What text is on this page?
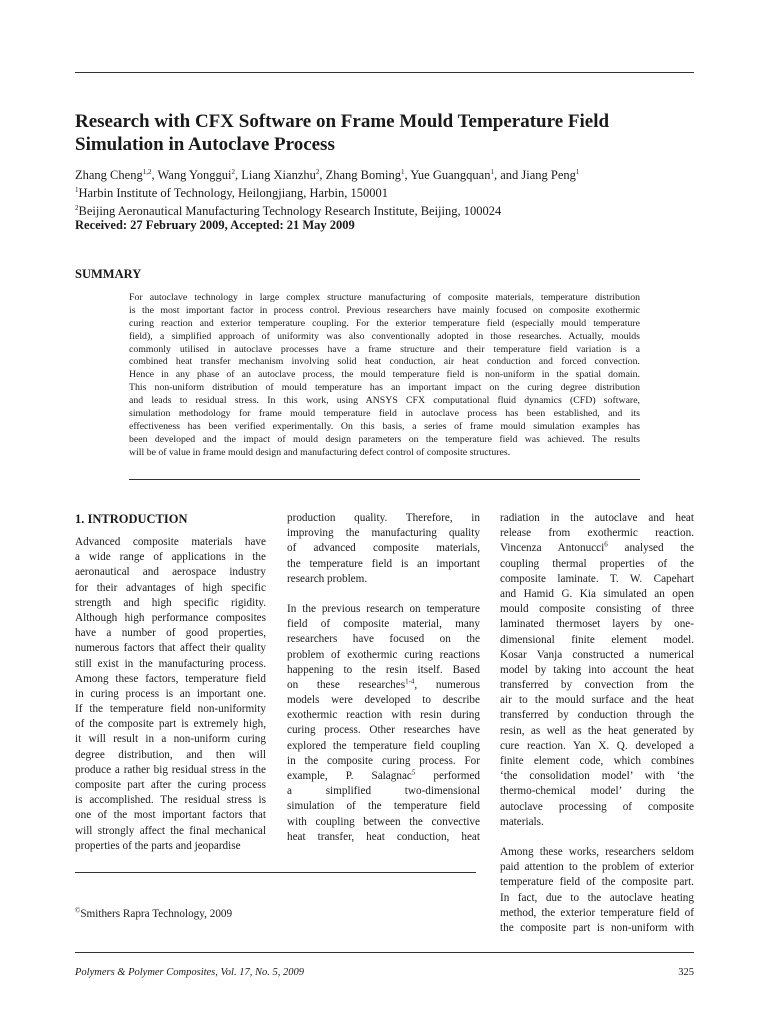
Research with CFX Software on Frame Mould Temperature Field
Simulation in Autoclave Process
Zhang Cheng$^{1,2}$, Wang Yonggui$^2$, Liang Xianzhu$^2$, Zhang Boming$^1$, Yue Guangquan$^1$, and Jiang Peng$^1$
$^1$Harbin Institute of Technology, Heilongjiang, Harbin, 150001
$^2$Beijing Aeronautical Manufacturing Technology Research Institute, Beijing, 100024
Received: 27 February 2009, Accepted: 21 May 2009
SUMMARY
For autoclave technology in large complex structure manufacturing of composite materials, temperature distribution
is the most important factor in process control. Previous researchers have mainly focused on composite exothermic
curing reaction and exterior temperature coupling. For the exterior temperature field (especially mould temperature
field), a simplified approach of uniformity was also conventionally adopted in those researches. Actually, moulds
commonly utilised in autoclave processes have a frame structure and their temperature field variation is a
combined heat transfer mechanism involving solid heat conduction, air heat conduction and forced convection.
Hence in any phase of an autoclave process, the mould temperature field is non-uniform in the spatial domain.
This non-uniform distribution of mould temperature has an important impact on the curing degree distribution
and leads to residual stress. In this work, using ANSYS CFX computational fluid dynamics (CFD) software,
simulation methodology for frame mould temperature field in autoclave process has been established, and its
effectiveness has been verified experimentally. On this basis, a series of frame mould simulation examples has
been developed and the impact of mould design parameters on the temperature field was achieved. The results
will be of value in frame mould design and manufacturing defect control of composite structures.
1. INTRODUCTION
Advanced composite materials have
a wide range of applications in the
aeronautical and aerospace industry
for their advantages of high specific
strength and high specific rigidity.
Although high performance composites
have a number of good properties,
numerous factors that affect their quality
still exist in the manufacturing process.
Among these factors, temperature field
in curing process is an important one.
If the temperature field non-uniformity
of the composite part is extremely high,
it will result in a non-uniform curing
degree distribution, and then will
produce a rather big residual stress in the
composite part after the curing process
is accomplished. The residual stress is
one of the most important factors that
will strongly affect the final mechanical
properties of the parts and jeopardise
production quality. Therefore, in
improving the manufacturing quality
of advanced composite materials,
the temperature field is an important
research problem.
In the previous research on temperature
field of composite material, many
researchers have focused on the
problem of exothermic curing reactions
happening to the resin itself. Based
on these researches$^{1-4}$, numerous
models were developed to describe
exothermic reaction with resin during
curing process. Other researches have
explored the temperature field coupling
in the composite curing process. For
example, P. Salagnac$^5$ performed
a simplified two-dimensional
simulation of the temperature field
with coupling between the convective
heat transfer, heat conduction, heat
radiation in the autoclave and heat
release from exothermic reaction.
Vincenza Antonucci$^6$ analysed the
coupling thermal properties of the
composite laminate. T. W. Capehart
and Hamid G. Kia simulated an open
mould composite consisting of three
laminated thermoset layers by one-
dimensional finite element model.
Kosar Vanja constructed a numerical
model by taking into account the heat
transferred by convection from the
air to the mould surface and the heat
transferred by conduction through the
resin, as well as the heat generated by
cure reaction. Yan X. Q. developed a
finite element code, which combines
‘the consolidation model’ with ‘the
thermo-chemical model’ during the
autoclave processing of composite
materials.
Among these works, researchers seldom
paid attention to the problem of exterior
temperature field of the composite part.
In fact, due to the autoclave heating
method, the exterior temperature field of
the composite part is non-uniform with
©Smithers Rapra Technology, 2009
Polymers & Polymer Composites, Vol. 17, No. 5, 2009	325
